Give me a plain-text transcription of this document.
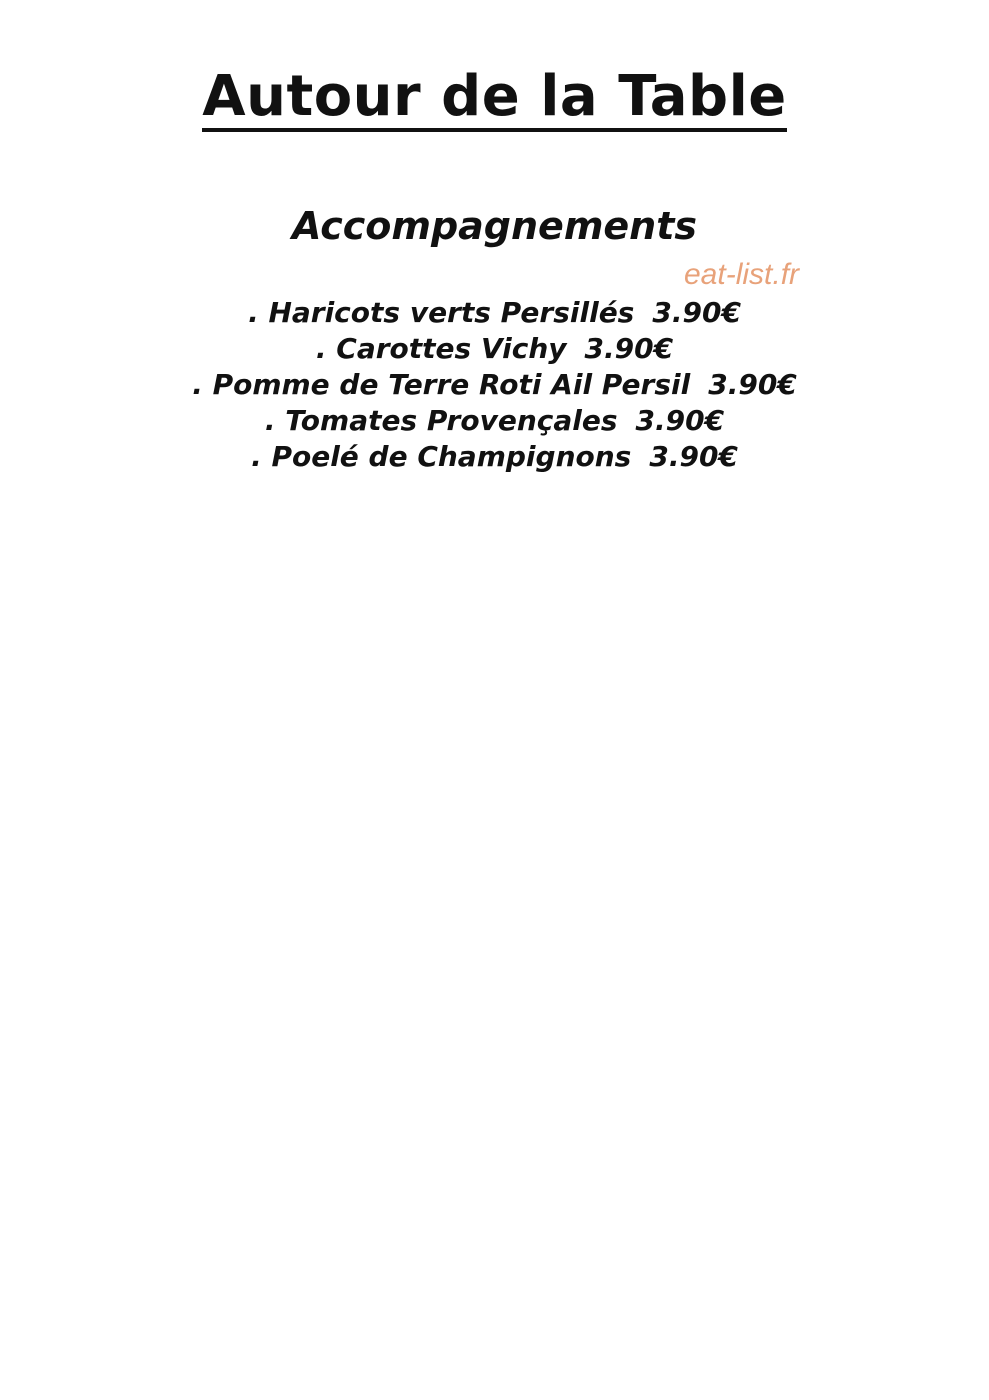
Autour de la Table
Accompagnements
eat-list.fr
. Haricots verts Persillés 3.90€
. Carottes Vichy 3.90€
. Pomme de Terre Roti Ail Persil 3.90€
. Tomates Provençales 3.90€
. Poelé de Champignons 3.90€
